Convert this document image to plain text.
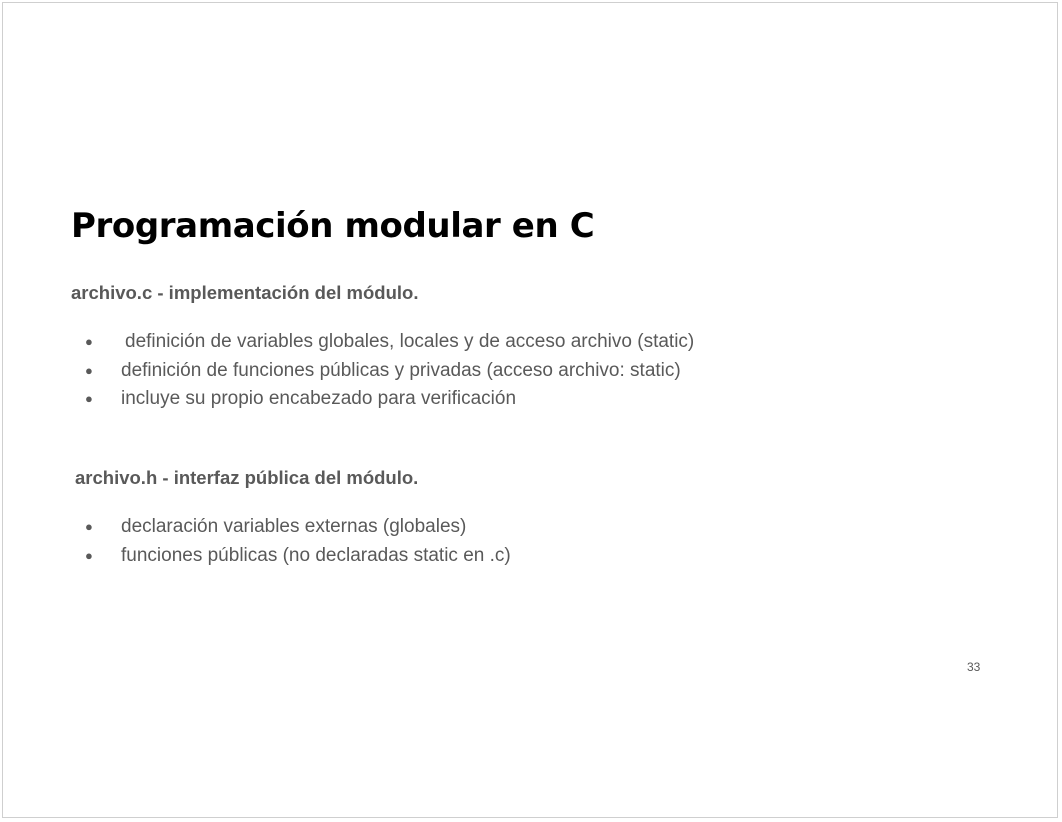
Programación modular en C
archivo.c - implementación del módulo.
● definición de variables globales, locales y de acceso archivo (static)
● definición de funciones públicas y privadas (acceso archivo: static)
● incluye su propio encabezado para verificación
archivo.h - interfaz pública del módulo.
● declaración variables externas (globales)
● funciones públicas (no declaradas static en .c)
33
